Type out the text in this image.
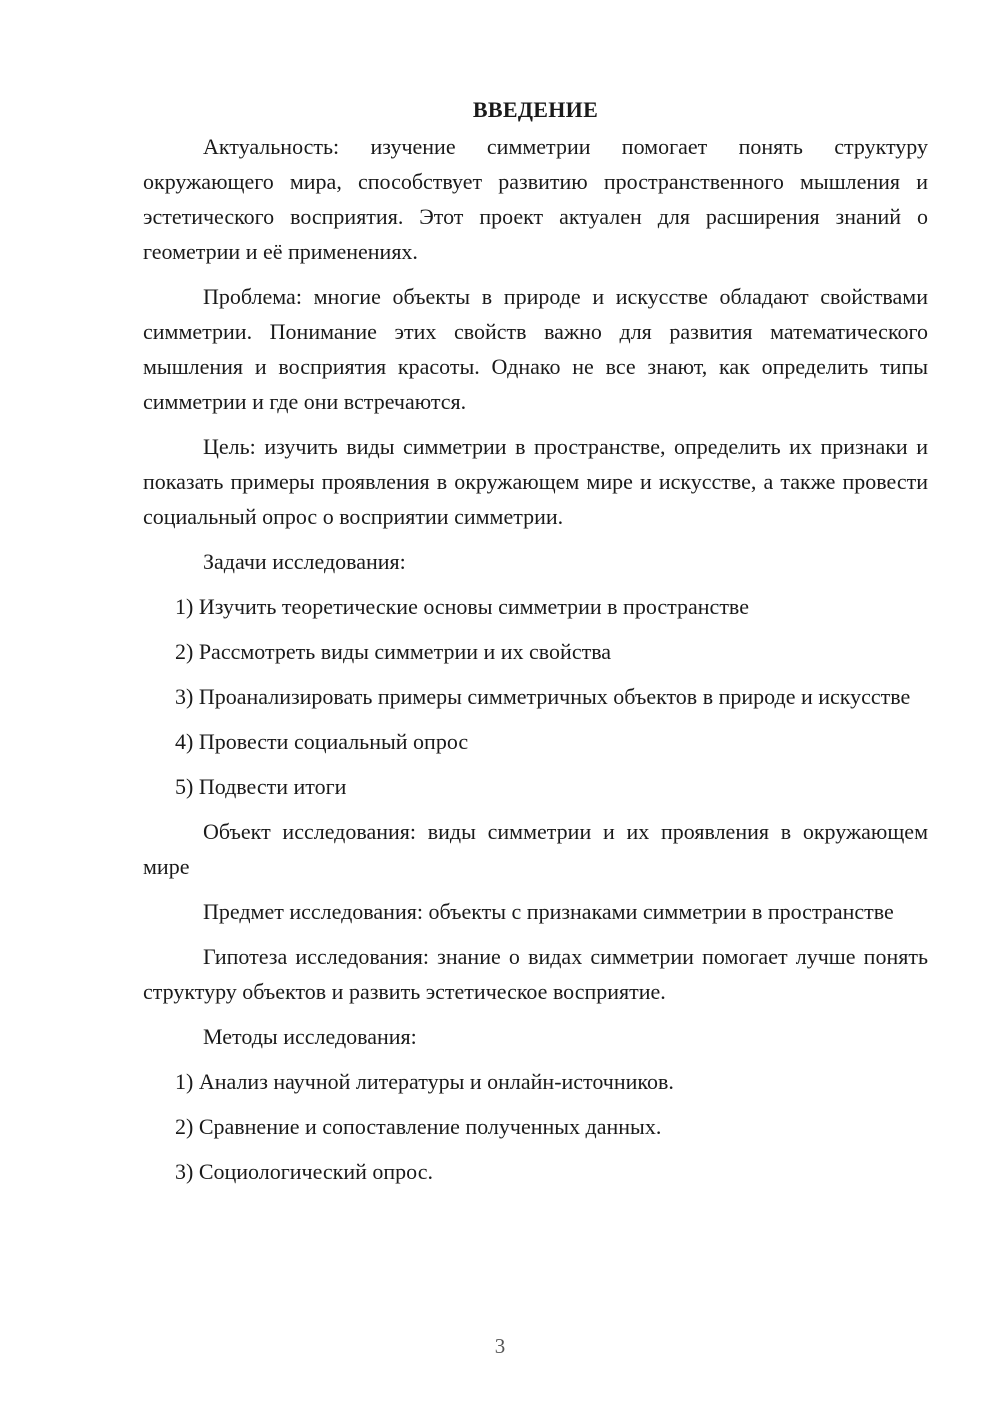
ВВЕДЕНИЕ
Актуальность: изучение симметрии помогает понять структуру окружающего мира, способствует развитию пространственного мышления и эстетического восприятия. Этот проект актуален для расширения знаний о геометрии и её применениях.
Проблема: многие объекты в природе и искусстве обладают свойствами симметрии. Понимание этих свойств важно для развития математического мышления и восприятия красоты. Однако не все знают, как определить типы симметрии и где они встречаются.
Цель: изучить виды симметрии в пространстве, определить их признаки и показать примеры проявления в окружающем мире и искусстве, а также провести социальный опрос о восприятии симметрии.
Задачи исследования:
1) Изучить теоретические основы симметрии в пространстве
2) Рассмотреть виды симметрии и их свойства
3) Проанализировать примеры симметричных объектов в природе и искусстве
4) Провести социальный опрос
5) Подвести итоги
Объект исследования: виды симметрии и их проявления в окружающем мире
Предмет исследования: объекты с признаками симметрии в пространстве
Гипотеза исследования: знание о видах симметрии помогает лучше понять структуру объектов и развить эстетическое восприятие.
Методы исследования:
1) Анализ научной литературы и онлайн-источников.
2) Сравнение и сопоставление полученных данных.
3) Социологический опрос.
3
